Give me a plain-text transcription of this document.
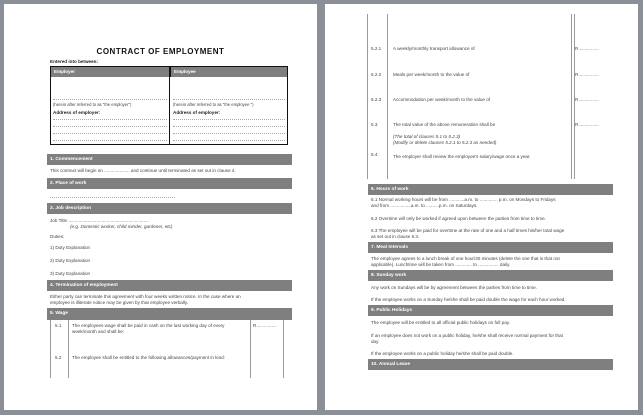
CONTRACT OF EMPLOYMENT
Entered into between:
Employer	Employee
(herein after referred to as "the employer")	(herein after referred to as "the employee ")
Address of employer:	Address of employer:
1. Commencement
This contract will begin on .................... and continue until terminated as set out in clause 4.
2. Place of work
3. Job description
Job Title ...............................................................
(e.g. Domestic worker, child minder, gardener, etc)
Duties:
1) Duty Explanation
2) Duty Explanation
3) Duty Explanation
4. Termination of employment
Either party can terminate this agreement with four weeks written notice. In the case where an
employee is illiterate notice may be given by that employee verbally.
5. Wage
5.1 The employees wage shall be paid in cash on the last working day of every
week/month and shall be:
R................
5.2 The employee shall be entitled to the following allowances/payment in kind:
5.2.1	A weekly/monthly transport allowance of	R................
5.2.2	Meals per week/month to the value of	R................
5.2.3	Accommodation per week/month to the value of	R................
5.3	The total value of the above remuneration shall be	R................
(The total of clauses 5.1 to 5.2.3)
(Modify or delete clauses 5.2.1 to 5.2.3 as needed)
5.4	The employer shall review the employee's salary/wage once a year.
6. Hours of work
6.1 Normal working hours will be from ............a.m. to .............. p.m. on Mondays to Fridays
and from ................a.m. to ..........p.m. on Saturdays.
6.2 Overtime will only be worked if agreed upon between the parties from time to time.
6.3 The employee will be paid for overtime at the rate of one and a half times his/her total wage
as set out in clause 5.3.
7. Meal Intervals
The employee agrees to a lunch break of one hour/30 minutes (delete the one that is that not
applicable). Lunchtime will be taken from ............. to ................ daily.
8. Sunday work
Any work on Sundays will be by agreement between the parties from time to time.
If the employee works on a Sunday he/she shall be paid double the wage for each hour worked.
9. Public Holidays
The employee will be entitled to all official public holidays on full pay.
If an employee does not work on a public holiday, he/she shall receive normal payment for that
day.
If the employee works on a public holiday he/she shall be paid double.
10. Annual Leave
